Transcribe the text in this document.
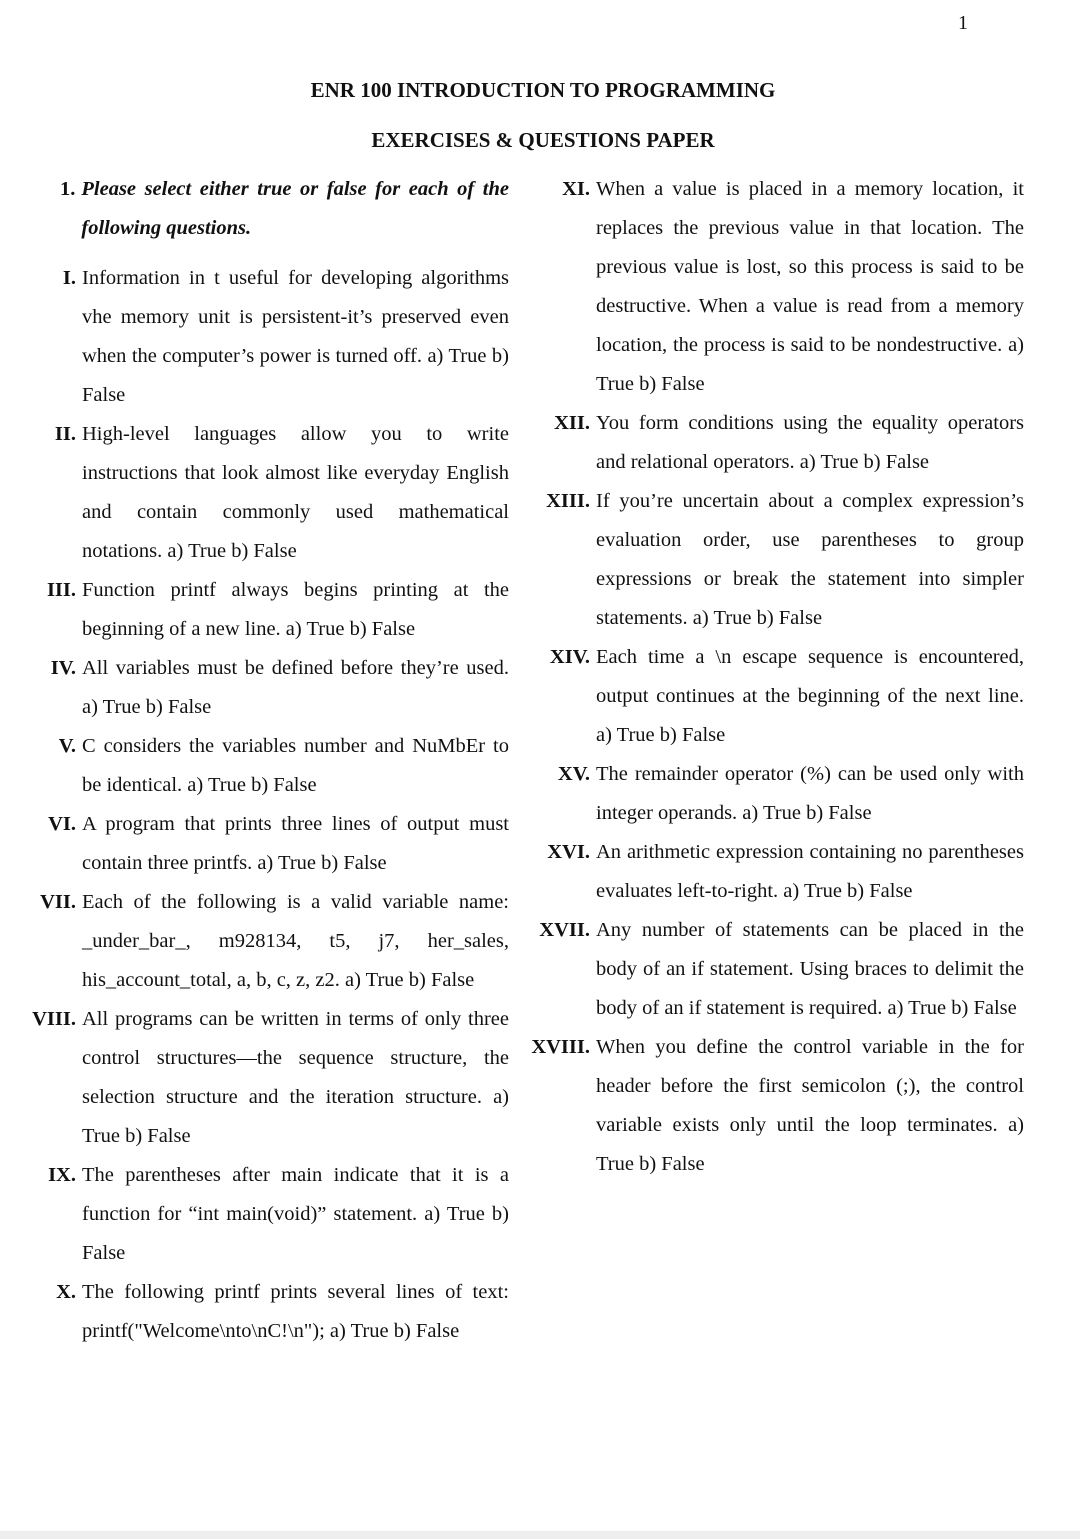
1
ENR 100 INTRODUCTION TO PROGRAMMING
EXERCISES & QUESTIONS PAPER
1. Please select either true or false for each of the following questions.
I. Information in t useful for developing algorithms vhe memory unit is persistent-it’s preserved even when the computer’s power is turned off. a) True b) False
II. High-level languages allow you to write instructions that look almost like everyday English and contain commonly used mathematical notations. a) True b) False
III. Function printf always begins printing at the beginning of a new line. a) True b) False
IV. All variables must be defined before they’re used. a) True b) False
V. C considers the variables number and NuMbEr to be identical. a) True b) False
VI. A program that prints three lines of output must contain three printfs. a) True b) False
VII. Each of the following is a valid variable name: _under_bar_, m928134, t5, j7, her_sales, his_account_total, a, b, c, z, z2. a) True b) False
VIII. All programs can be written in terms of only three control structures—the sequence structure, the selection structure and the iteration structure. a) True b) False
IX. The parentheses after main indicate that it is a function for “int main(void)” statement. a) True b) False
X. The following printf prints several lines of text: printf("Welcome\nto\nC!\n"); a) True b) False
XI. When a value is placed in a memory location, it replaces the previous value in that location. The previous value is lost, so this process is said to be destructive. When a value is read from a memory location, the process is said to be nondestructive. a) True b) False
XII. You form conditions using the equality operators and relational operators. a) True b) False
XIII. If you’re uncertain about a complex expression’s evaluation order, use parentheses to group expressions or break the statement into simpler statements. a) True b) False
XIV. Each time a \n escape sequence is encountered, output continues at the beginning of the next line. a) True b) False
XV. The remainder operator (%) can be used only with integer operands. a) True b) False
XVI. An arithmetic expression containing no parentheses evaluates left-to-right. a) True b) False
XVII. Any number of statements can be placed in the body of an if statement. Using braces to delimit the body of an if statement is required. a) True b) False
XVIII. When you define the control variable in the for header before the first semicolon (;), the control variable exists only until the loop terminates. a) True b) False
